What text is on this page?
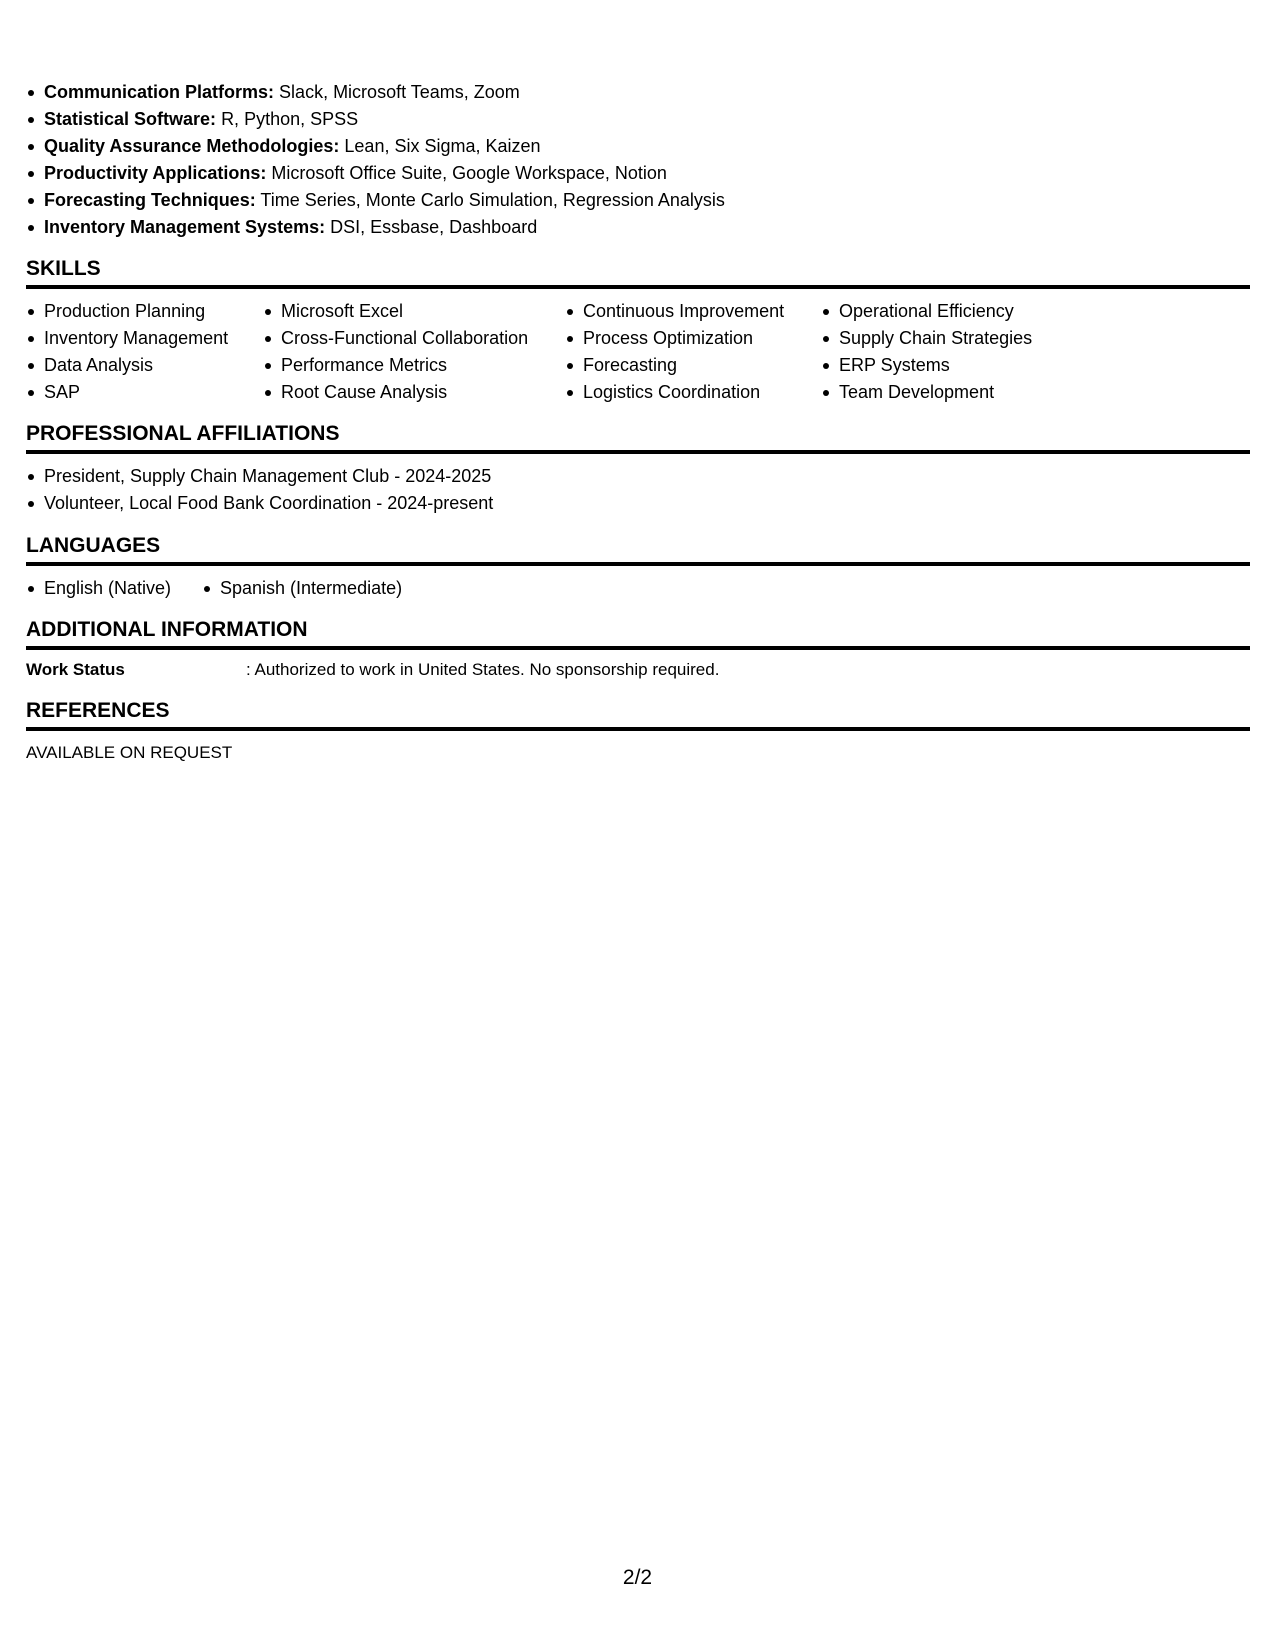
Communication Platforms: Slack, Microsoft Teams, Zoom
Statistical Software: R, Python, SPSS
Quality Assurance Methodologies: Lean, Six Sigma, Kaizen
Productivity Applications: Microsoft Office Suite, Google Workspace, Notion
Forecasting Techniques: Time Series, Monte Carlo Simulation, Regression Analysis
Inventory Management Systems: DSI, Essbase, Dashboard
SKILLS
Production Planning
Inventory Management
Data Analysis
SAP
Microsoft Excel
Cross-Functional Collaboration
Performance Metrics
Root Cause Analysis
Continuous Improvement
Process Optimization
Forecasting
Logistics Coordination
Operational Efficiency
Supply Chain Strategies
ERP Systems
Team Development
PROFESSIONAL AFFILIATIONS
President, Supply Chain Management Club - 2024-2025
Volunteer, Local Food Bank Coordination - 2024-present
LANGUAGES
English (Native)	Spanish (Intermediate)
ADDITIONAL INFORMATION
Work Status	: Authorized to work in United States. No sponsorship required.
REFERENCES
AVAILABLE ON REQUEST
2/2
